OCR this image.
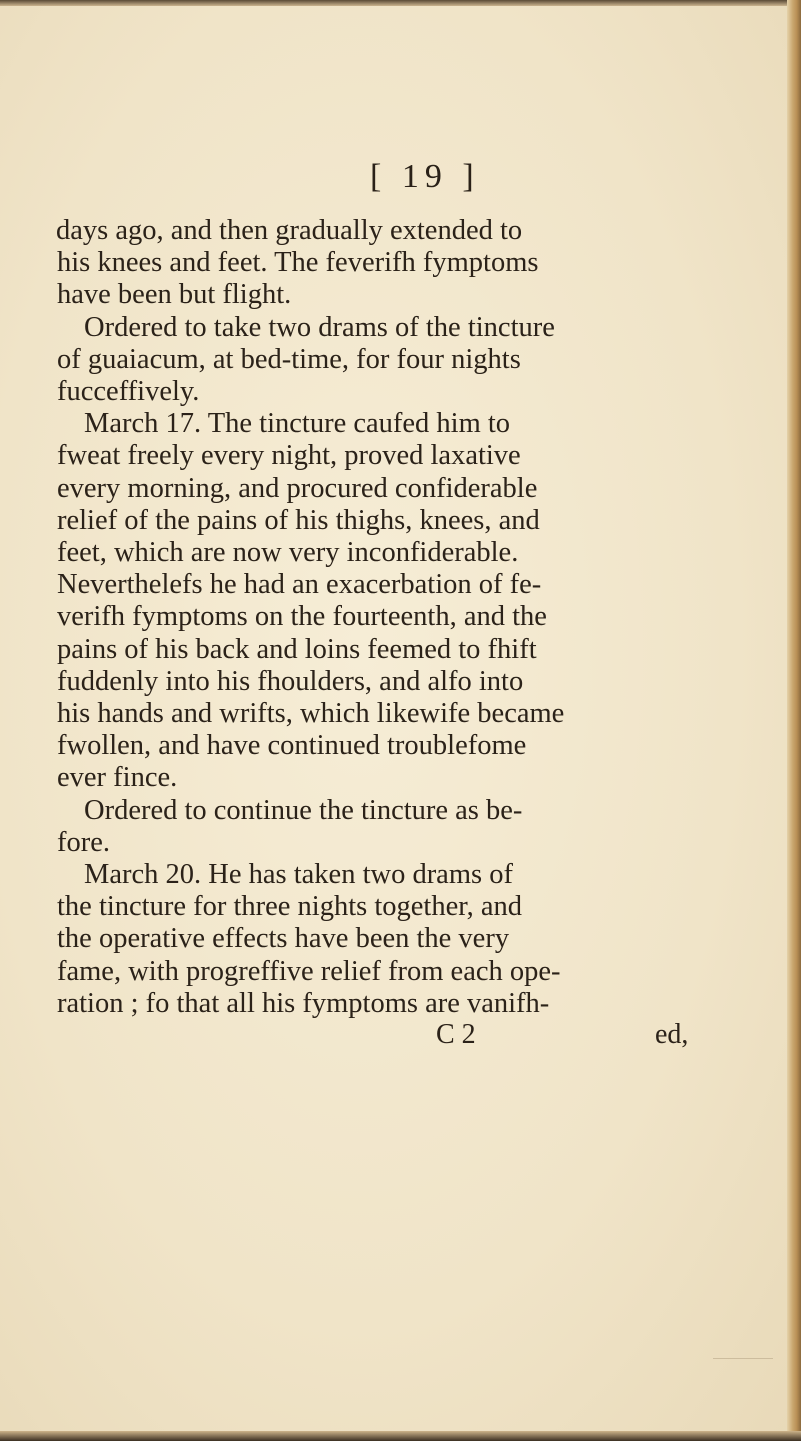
[ 19 ]
days ago, and then gradually extended to
his knees and feet. The feverifh fymptoms
have been but flight.
Ordered to take two drams of the tincture
of guaiacum, at bed-time, for four nights
fucceffively.
March 17. The tincture caufed him to
fweat freely every night, proved laxative
every morning, and procured confiderable
relief of the pains of his thighs, knees, and
feet, which are now very inconfiderable.
Neverthelefs he had an exacerbation of fe-
verifh fymptoms on the fourteenth, and the
pains of his back and loins feemed to fhift
fuddenly into his fhoulders, and alfo into
his hands and wrifts, which likewife became
fwollen, and have continued troublefome
ever fince.
Ordered to continue the tincture as be-
fore.
March 20. He has taken two drams of
the tincture for three nights together, and
the operative effects have been the very
fame, with progreffive relief from each ope-
ration ; fo that all his fymptoms are vanifh-
C 2	ed,
